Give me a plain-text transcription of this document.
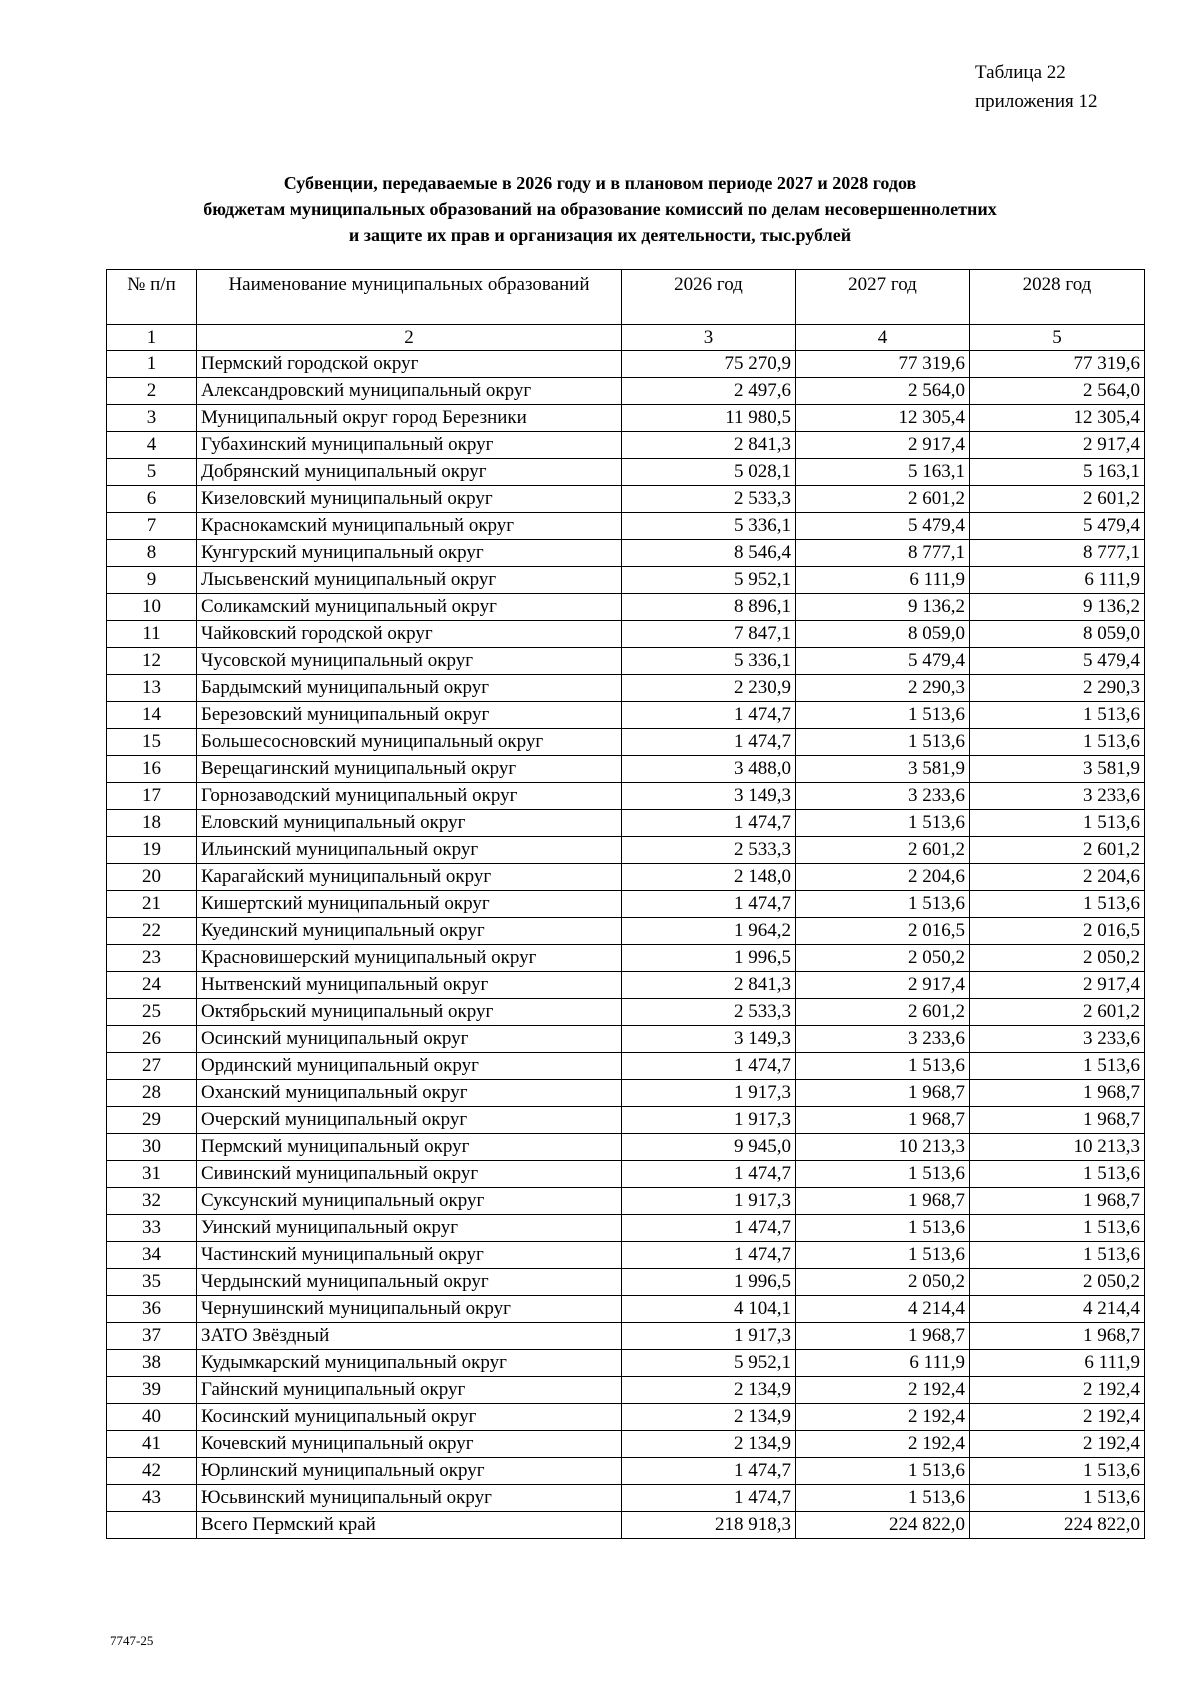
Таблица 22
приложения 12
Субвенции, передаваемые в 2026 году и в плановом периоде 2027 и 2028 годов
бюджетам муниципальных образований на образование комиссий по делам несовершеннолетних
и защите их прав и организация их деятельности, тыс.рублей
№ п/п	Наименование муниципальных образований	2026 год	2027 год	2028 год
1	2	3	4	5
1	Пермский городской округ	75 270,9	77 319,6	77 319,6
2	Александровский муниципальный округ	2 497,6	2 564,0	2 564,0
3	Муниципальный округ город Березники	11 980,5	12 305,4	12 305,4
4	Губахинский муниципальный округ	2 841,3	2 917,4	2 917,4
5	Добрянский муниципальный округ	5 028,1	5 163,1	5 163,1
6	Кизеловский муниципальный округ	2 533,3	2 601,2	2 601,2
7	Краснокамский муниципальный округ	5 336,1	5 479,4	5 479,4
8	Кунгурский муниципальный округ	8 546,4	8 777,1	8 777,1
9	Лысьвенский муниципальный округ	5 952,1	6 111,9	6 111,9
10	Соликамский муниципальный округ	8 896,1	9 136,2	9 136,2
11	Чайковский городской округ	7 847,1	8 059,0	8 059,0
12	Чусовской муниципальный округ	5 336,1	5 479,4	5 479,4
13	Бардымский муниципальный округ	2 230,9	2 290,3	2 290,3
14	Березовский муниципальный округ	1 474,7	1 513,6	1 513,6
15	Большесосновский муниципальный округ	1 474,7	1 513,6	1 513,6
16	Верещагинский муниципальный округ	3 488,0	3 581,9	3 581,9
17	Горнозаводский муниципальный округ	3 149,3	3 233,6	3 233,6
18	Еловский муниципальный округ	1 474,7	1 513,6	1 513,6
19	Ильинский муниципальный округ	2 533,3	2 601,2	2 601,2
20	Карагайский муниципальный округ	2 148,0	2 204,6	2 204,6
21	Кишертский муниципальный округ	1 474,7	1 513,6	1 513,6
22	Куединский муниципальный округ	1 964,2	2 016,5	2 016,5
23	Красновишерский муниципальный округ	1 996,5	2 050,2	2 050,2
24	Нытвенский муниципальный округ	2 841,3	2 917,4	2 917,4
25	Октябрьский муниципальный округ	2 533,3	2 601,2	2 601,2
26	Осинский муниципальный округ	3 149,3	3 233,6	3 233,6
27	Ординский муниципальный округ	1 474,7	1 513,6	1 513,6
28	Оханский муниципальный округ	1 917,3	1 968,7	1 968,7
29	Очерский муниципальный округ	1 917,3	1 968,7	1 968,7
30	Пермский муниципальный округ	9 945,0	10 213,3	10 213,3
31	Сивинский муниципальный округ	1 474,7	1 513,6	1 513,6
32	Суксунский муниципальный округ	1 917,3	1 968,7	1 968,7
33	Уинский муниципальный округ	1 474,7	1 513,6	1 513,6
34	Частинский муниципальный округ	1 474,7	1 513,6	1 513,6
35	Чердынский муниципальный округ	1 996,5	2 050,2	2 050,2
36	Чернушинский муниципальный округ	4 104,1	4 214,4	4 214,4
37	ЗАТО Звёздный	1 917,3	1 968,7	1 968,7
38	Кудымкарский муниципальный округ	5 952,1	6 111,9	6 111,9
39	Гайнский муниципальный округ	2 134,9	2 192,4	2 192,4
40	Косинский муниципальный округ	2 134,9	2 192,4	2 192,4
41	Кочевский муниципальный округ	2 134,9	2 192,4	2 192,4
42	Юрлинский муниципальный округ	1 474,7	1 513,6	1 513,6
43	Юсьвинский муниципальный округ	1 474,7	1 513,6	1 513,6
	Всего Пермский край	218 918,3	224 822,0	224 822,0
7747-25
